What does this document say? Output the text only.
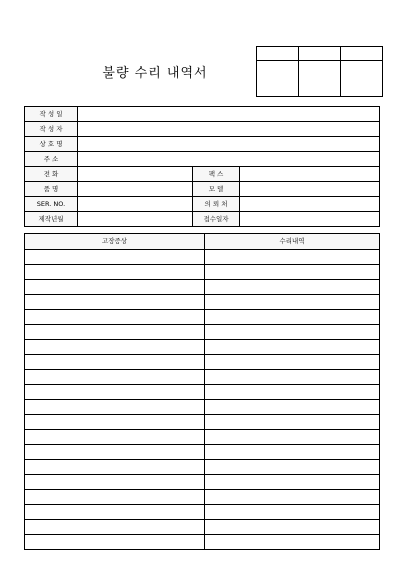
불량 수리 내역서

작 성 일			
작 성 자			
상 호 명			
주 소			
전 화		팩 스	
품 명		모 델	
SER. NO.		의 뢰 처	
제작년월		접수일자	
고장증상	수리내역
